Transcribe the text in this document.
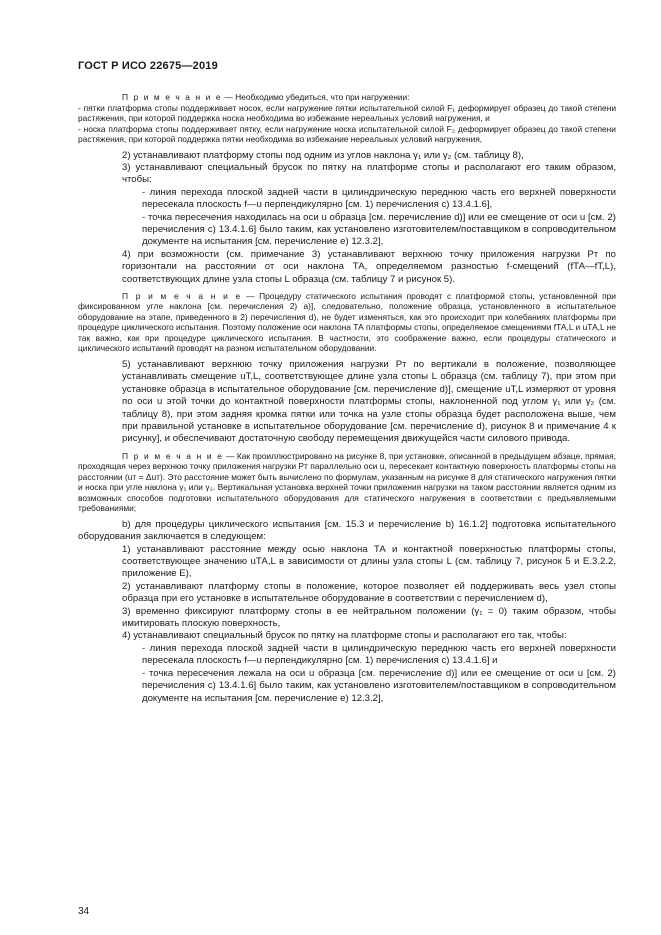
ГОСТ Р ИСО 22675—2019

П р и м е ч а н и е — Необходимо убедиться, что при нагружении:

- пятки платформа стопы поддерживает носок, если нагружение пятки испытательной силой F₁ деформирует образец до такой степени растяжения, при которой поддержка носка необходима во избежание нереальных условий нагружения, и

- носка платформа стопы поддерживает пятку, если нагружение носка испытательной силой F₂ деформирует образец до такой степени растяжения, при которой поддержка пятки необходима во избежание нереальных условий нагружения,

2) устанавливают платформу стопы под одним из углов наклона γ₁ или γ₂ (см. таблицу 8),

3) устанавливают специальный брусок по пятку на платформе стопы и располагают его таким образом, чтобы:

- линия перехода плоской задней части в цилиндрическую переднюю часть его верхней поверхности пересекала плоскость f—u перпендикулярно [см. 1) перечисления c) 13.4.1.6],

- точка пересечения находилась на оси u образца [см. перечисление d)] или ее смещение от оси u [см. 2) перечисления c) 13.4.1.6] было таким, как установлено изготовителем/поставщиком в сопроводительном документе на испытания [см. перечисление e) 12.3.2],

4) при возможности (см. примечание 3) устанавливают верхнюю точку приложения нагрузки Pт по горизонтали на расстоянии от оси наклона ТА, определяемом разностью f-смещений (fТА—fТ,L), соответствующих длине узла стопы L образца (см. таблицу 7 и рисунок 5).

П р и м е ч а н и е — Процедуру статического испытания проводят с платформой стопы, установленной при фиксированном угле наклона [см. перечисления 2) а)], следовательно, положение образца, установленного в испытательное оборудование на этапе, приведенного в 2) перечисления d), не будет изменяться, как это происходит при колебаниях платформы при процедуре циклического испытания. Поэтому положение оси наклона ТА платформы стопы, определяемое смещениями fТА,L и uТА,L не так важно, как при процедуре циклического испытания. В частности, это соображение важно, если процедуры статического и циклического испытаний проводят на разном испытательном оборудовании.

5) устанавливают верхнюю точку приложения нагрузки Pт по вертикали в положение, позволяющее устанавливать смещение uТ,L, соответствующее длине узла стопы L образца (см. таблицу 7), при этом при установке образца в испытательное оборудование [см. перечисление d)], смещение uТ,L измеряют от уровня по оси u этой точки до контактной поверхности платформы стопы, наклоненной под углом γ₁ или γ₂ (см. таблицу 8), при этом задняя кромка пятки или точка на узле стопы образца будет расположена выше, чем при правильной установке в испытательное оборудование [см. перечисление d), рисунок 8 и примечание 4 к рисунку], и обеспечивают достаточную свободу перемещения движущейся части силового привода.

П р и м е ч а н и е — Как проиллюстрировано на рисунке 8, при установке, описанной в предыдущем абзаце, прямая, проходящая через верхнюю точку приложения нагрузки Pт параллельно оси u, пересекает контактную поверхность платформы стопы на расстоянии (uт = Δuт). Это расстояние может быть вычислено по формулам, указанным на рисунке 8 для статического нагружения пятки и носка при угле наклона γ₁ или γ₂. Вертикальная установка верхней точки приложения нагрузки на таком расстоянии является одним из возможных способов подготовки испытательного оборудования для статического нагружения в соответствии с предъявляемыми требованиями;

b) для процедуры циклического испытания [см. 15.3 и перечисление b) 16.1.2] подготовка испытательного оборудования заключается в следующем:

1) устанавливают расстояние между осью наклона ТА и контактной поверхностью платформы стопы, соответствующее значению uТА,L в зависимости от длины узла стопы L (см. таблицу 7, рисунок 5 и Е.3.2.2, приложение Е),

2) устанавливают платформу стопы в положение, которое позволяет ей поддерживать весь узел стопы образца при его установке в испытательное оборудование в соответствии с перечислением d),

3) временно фиксируют платформу стопы в ее нейтральном положении (γ₁ = 0) таким образом, чтобы имитировать плоскую поверхность,

4) устанавливают специальный брусок по пятку на платформе стопы и располагают его так, чтобы:

- линия перехода плоской задней части в цилиндрическую переднюю часть его верхней поверхности пересекала плоскость f—u перпендикулярно [см. 1) перечисления c) 13.4.1.6] и

- точка пересечения лежала на оси u образца [см. перечисление d)] или ее смещение от оси u [см. 2) перечисления c) 13.4.1.6] было таким, как установлено изготовителем/поставщиком в сопроводительном документе на испытания [см. перечисление e) 12.3.2],

34
